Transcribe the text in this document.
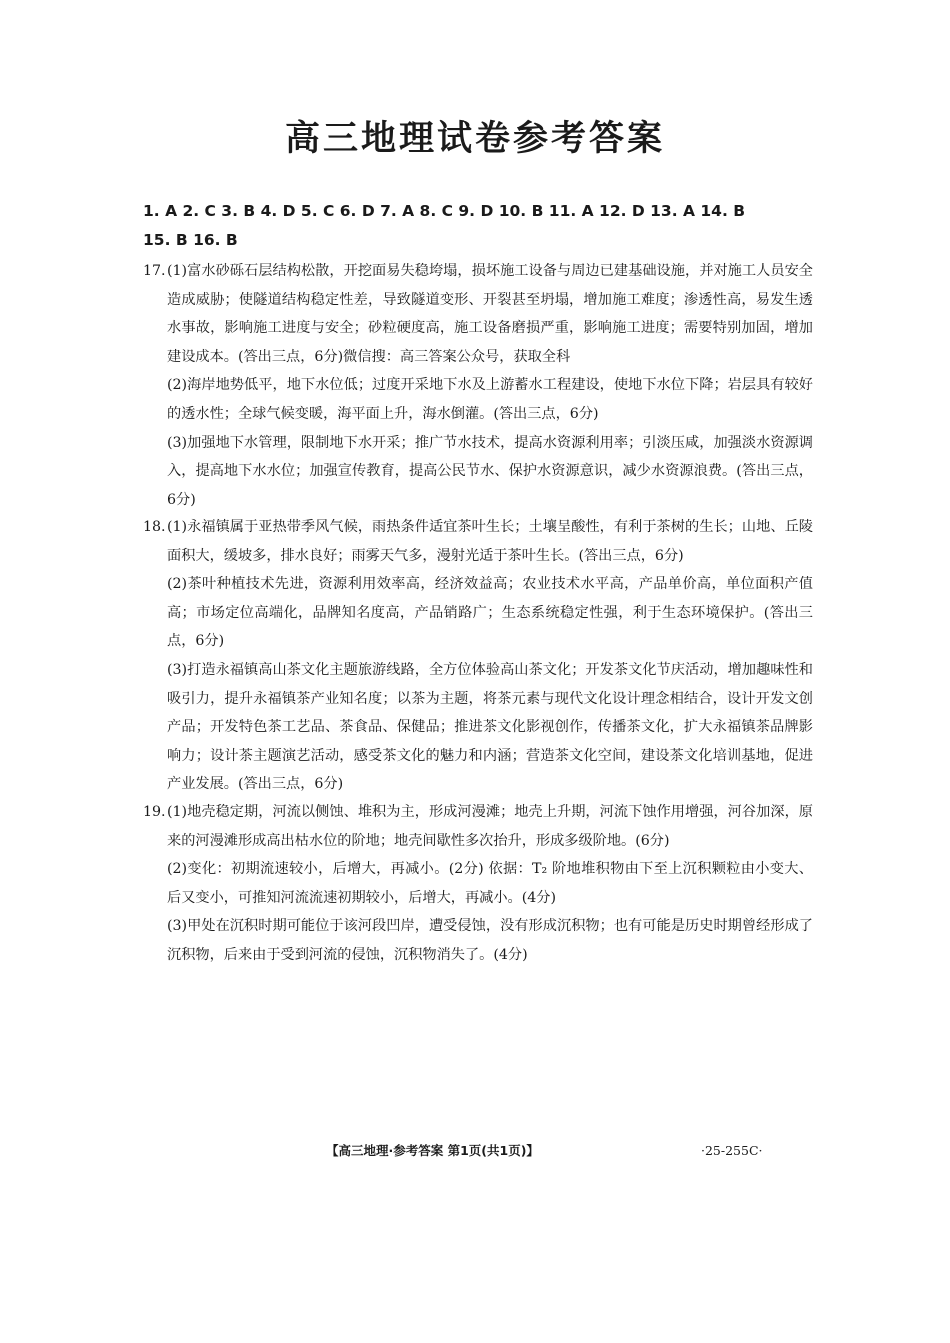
高三地理试卷参考答案
1. A 2. C 3. B 4. D 5. C 6. D 7. A 8. C 9. D 10. B 11. A 12. D 13. A 14. B
15. B 16. B
17. (1)富水砂砾石层结构松散，开挖面易失稳垮塌，损坏施工设备与周边已建基础设施，并对施工人员安全造成威胁；使隧道结构稳定性差，导致隧道变形、开裂甚至坍塌，增加施工难度；渗透性高，易发生透水事故，影响施工进度与安全；砂粒硬度高，施工设备磨损严重，影响施工进度；需要特别加固，增加建设成本。(答出三点，6分)微信搜：高三答案公众号，获取全科
(2)海岸地势低平，地下水位低；过度开采地下水及上游蓄水工程建设，使地下水位下降；岩层具有较好的透水性；全球气候变暖，海平面上升，海水倒灌。(答出三点，6分)
(3)加强地下水管理，限制地下水开采；推广节水技术，提高水资源利用率；引淡压咸，加强淡水资源调入，提高地下水水位；加强宣传教育，提高公民节水、保护水资源意识，减少水资源浪费。(答出三点，6分)
18. (1)永福镇属于亚热带季风气候，雨热条件适宜茶叶生长；土壤呈酸性，有利于茶树的生长；山地、丘陵面积大，缓坡多，排水良好；雨雾天气多，漫射光适于茶叶生长。(答出三点，6分)
(2)茶叶种植技术先进，资源利用效率高，经济效益高；农业技术水平高，产品单价高，单位面积产值高；市场定位高端化，品牌知名度高，产品销路广；生态系统稳定性强，利于生态环境保护。(答出三点，6分)
(3)打造永福镇高山茶文化主题旅游线路，全方位体验高山茶文化；开发茶文化节庆活动，增加趣味性和吸引力，提升永福镇茶产业知名度；以茶为主题，将茶元素与现代文化设计理念相结合，设计开发文创产品；开发特色茶工艺品、茶食品、保健品；推进茶文化影视创作，传播茶文化，扩大永福镇茶品牌影响力；设计茶主题演艺活动，感受茶文化的魅力和内涵；营造茶文化空间，建设茶文化培训基地，促进产业发展。(答出三点，6分)
19. (1)地壳稳定期，河流以侧蚀、堆积为主，形成河漫滩；地壳上升期，河流下蚀作用增强，河谷加深，原来的河漫滩形成高出枯水位的阶地；地壳间歇性多次抬升，形成多级阶地。(6分)
(2)变化：初期流速较小，后增大，再减小。(2分) 依据：T₂ 阶地堆积物由下至上沉积颗粒由小变大、后又变小，可推知河流流速初期较小，后增大，再减小。(4分)
(3)甲处在沉积时期可能位于该河段凹岸，遭受侵蚀，没有形成沉积物；也有可能是历史时期曾经形成了沉积物，后来由于受到河流的侵蚀，沉积物消失了。(4分)
【高三地理·参考答案 第1页(共1页)】	·25-255C·
